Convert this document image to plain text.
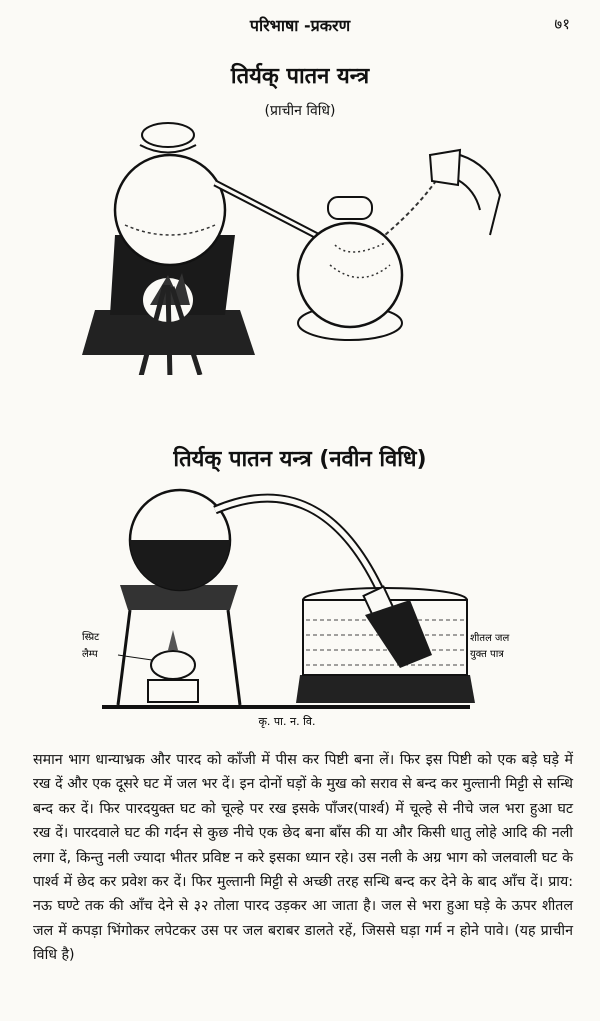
परिभाषा -प्रकरण	७१
तिर्यक् पातन यन्त्र
(प्राचीन विधि)
तिर्यक् पातन यन्त्र (नवीन विधि)
स्प्रिट
लैम्प
शीतल जल
युक्त पात्र
कृ. पा. न. वि.

समान भाग धान्याभ्रक और पारद को काँजी में पीस कर पिष्टी बना लें। फिर इस पिष्टी को एक बड़े घड़े में रख दें और एक दूसरे घट में जल भर दें। इन दोनों घड़ों के मुख को सराव से बन्द कर मुल्तानी मिट्टी से सन्धि बन्द कर दें। फिर पारदयुक्त घट को चूल्हे पर रख इसके पाँजर(पार्श्व) में चूल्हे से नीचे जल भरा हुआ घट रख दें। पारदवाले घट की गर्दन से कुछ नीचे एक छेद बना बाँस की या और किसी धातु लोहे आदि की नली लगा दें, किन्तु नली ज्यादा भीतर प्रविष्ट न करे इसका ध्यान रहे। उस नली के अग्र भाग को जलवाली घट के पार्श्व में छेद कर प्रवेश कर दें। फिर मुल्तानी मिट्टी से अच्छी तरह सन्धि बन्द कर देने के बाद आँच दें। प्राय: नऊ घण्टे तक की आँच देने से ३२ तोला पारद उड़कर आ जाता है। जल से भरा हुआ घड़े के ऊपर शीतल जल में कपड़ा भिंगोकर लपेटकर उस पर जल बराबर डालते रहें, जिससे घड़ा गर्म न होने पावे। (यह प्राचीन विधि है)
